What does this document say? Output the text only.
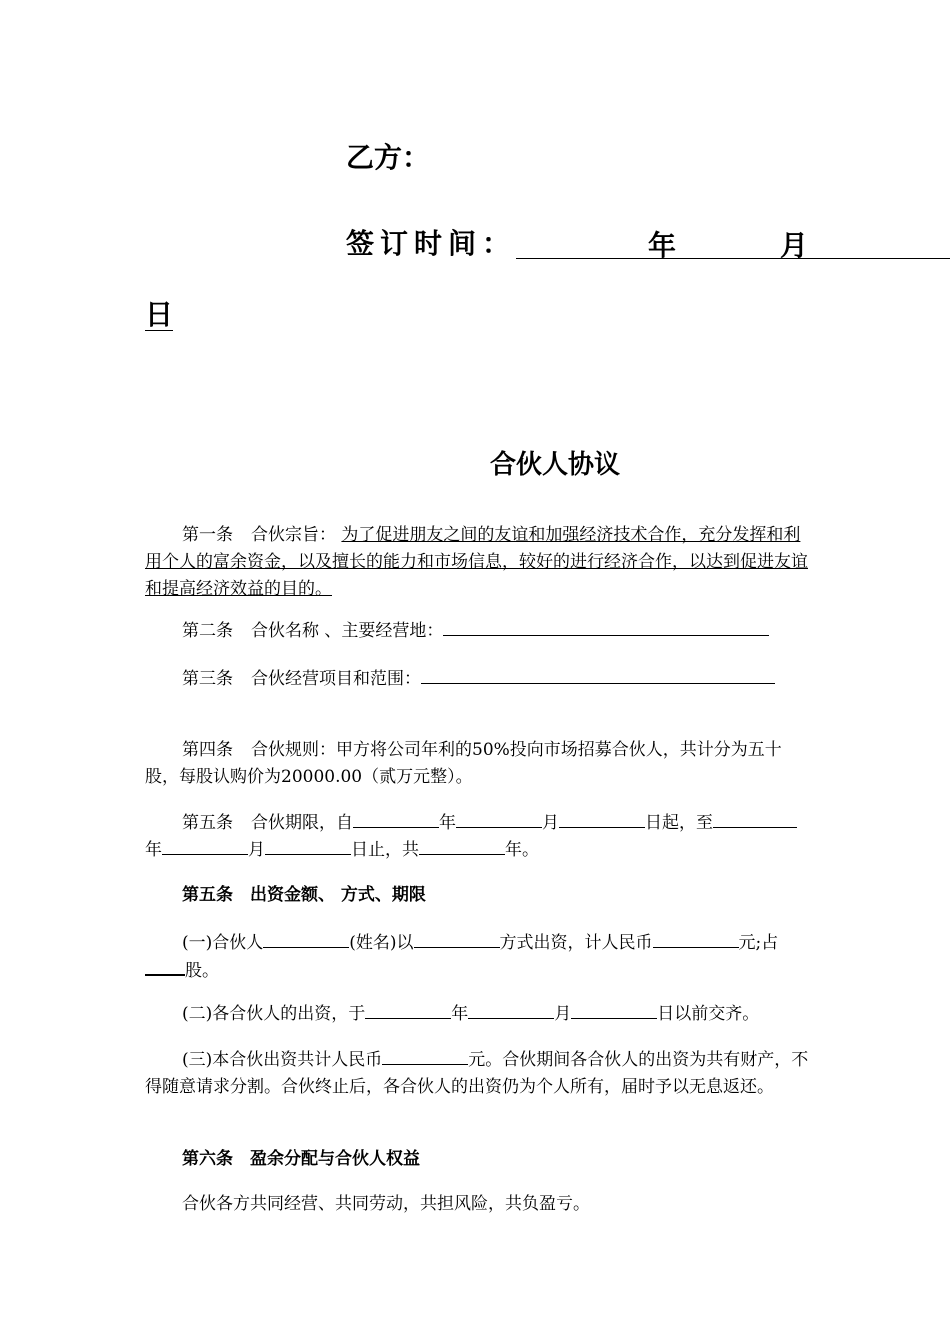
乙方：
签订时间：	年	月
日
合伙人协议
第一条 合伙宗旨： 为了促进朋友之间的友谊和加强经济技术合作，充分发挥和利用个人的富余资金，以及擅长的能力和市场信息，较好的进行经济合作，以达到促进友谊和提高经济效益的目的。
第二条 合伙名称 、主要经营地：
第三条 合伙经营项目和范围：
第四条 合伙规则：甲方将公司年利的50%投向市场招募合伙人，共计分为五十股，每股认购价为20000.00（贰万元整）。
第五条 合伙期限，自	年	月	日起，至年	月	日止，共	年。
第五条　出资金额、 方式、期限
(一)合伙人	(姓名)以	方式出资，计人民币	元;占股。
(二)各合伙人的出资，于	年	月	日以前交齐。
(三)本合伙出资共计人民币	元。合伙期间各合伙人的出资为共有财产，不得随意请求分割。合伙终止后，各合伙人的出资仍为个人所有，届时予以无息返还。
第六条　盈余分配与合伙人权益
合伙各方共同经营、共同劳动，共担风险，共负盈亏。
